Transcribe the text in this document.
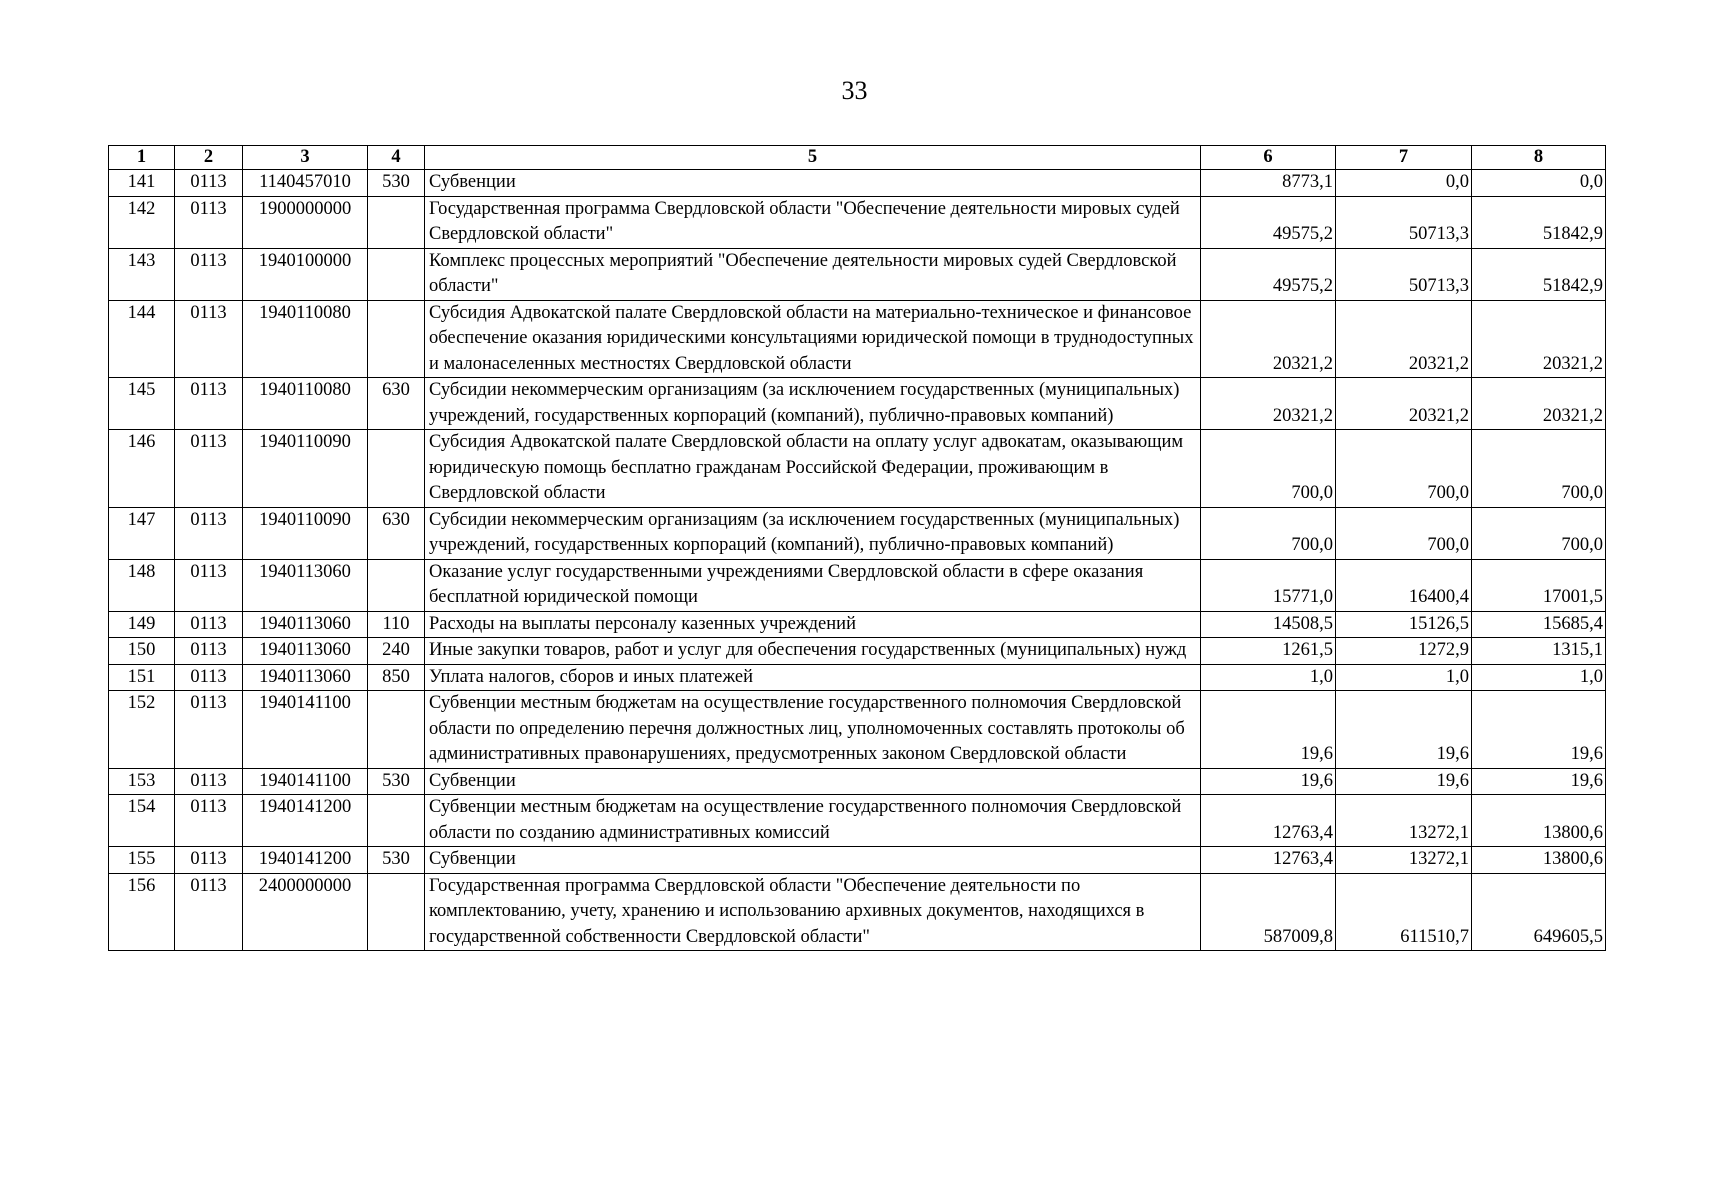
33
1	2	3	4	5	6	7	8
141	0113	1140457010	530	Субвенции	8773,1	0,0	0,0
142	0113	1900000000		Государственная программа Свердловской области "Обеспечение деятельности мировых судей Свердловской области"	49575,2	50713,3	51842,9
143	0113	1940100000		Комплекс процессных мероприятий "Обеспечение деятельности мировых судей Свердловской области"	49575,2	50713,3	51842,9
144	0113	1940110080		Субсидия Адвокатской палате Свердловской области на материально-техническое и финансовое обеспечение оказания юридическими консультациями юридической помощи в труднодоступных и малонаселенных местностях Свердловской области	20321,2	20321,2	20321,2
145	0113	1940110080	630	Субсидии некоммерческим организациям (за исключением государственных (муниципальных) учреждений, государственных корпораций (компаний), публично-правовых компаний)	20321,2	20321,2	20321,2
146	0113	1940110090		Субсидия Адвокатской палате Свердловской области на оплату услуг адвокатам, оказывающим юридическую помощь бесплатно гражданам Российской Федерации, проживающим в Свердловской области	700,0	700,0	700,0
147	0113	1940110090	630	Субсидии некоммерческим организациям (за исключением государственных (муниципальных) учреждений, государственных корпораций (компаний), публично-правовых компаний)	700,0	700,0	700,0
148	0113	1940113060		Оказание услуг государственными учреждениями Свердловской области в сфере оказания бесплатной юридической помощи	15771,0	16400,4	17001,5
149	0113	1940113060	110	Расходы на выплаты персоналу казенных учреждений	14508,5	15126,5	15685,4
150	0113	1940113060	240	Иные закупки товаров, работ и услуг для обеспечения государственных (муниципальных) нужд	1261,5	1272,9	1315,1
151	0113	1940113060	850	Уплата налогов, сборов и иных платежей	1,0	1,0	1,0
152	0113	1940141100		Субвенции местным бюджетам на осуществление государственного полномочия Свердловской области по определению перечня должностных лиц, уполномоченных составлять протоколы об административных правонарушениях, предусмотренных законом Свердловской области	19,6	19,6	19,6
153	0113	1940141100	530	Субвенции	19,6	19,6	19,6
154	0113	1940141200		Субвенции местным бюджетам на осуществление государственного полномочия Свердловской области по созданию административных комиссий	12763,4	13272,1	13800,6
155	0113	1940141200	530	Субвенции	12763,4	13272,1	13800,6
156	0113	2400000000		Государственная программа Свердловской области "Обеспечение деятельности по комплектованию, учету, хранению и использованию архивных документов, находящихся в государственной собственности Свердловской области"	587009,8	611510,7	649605,5
